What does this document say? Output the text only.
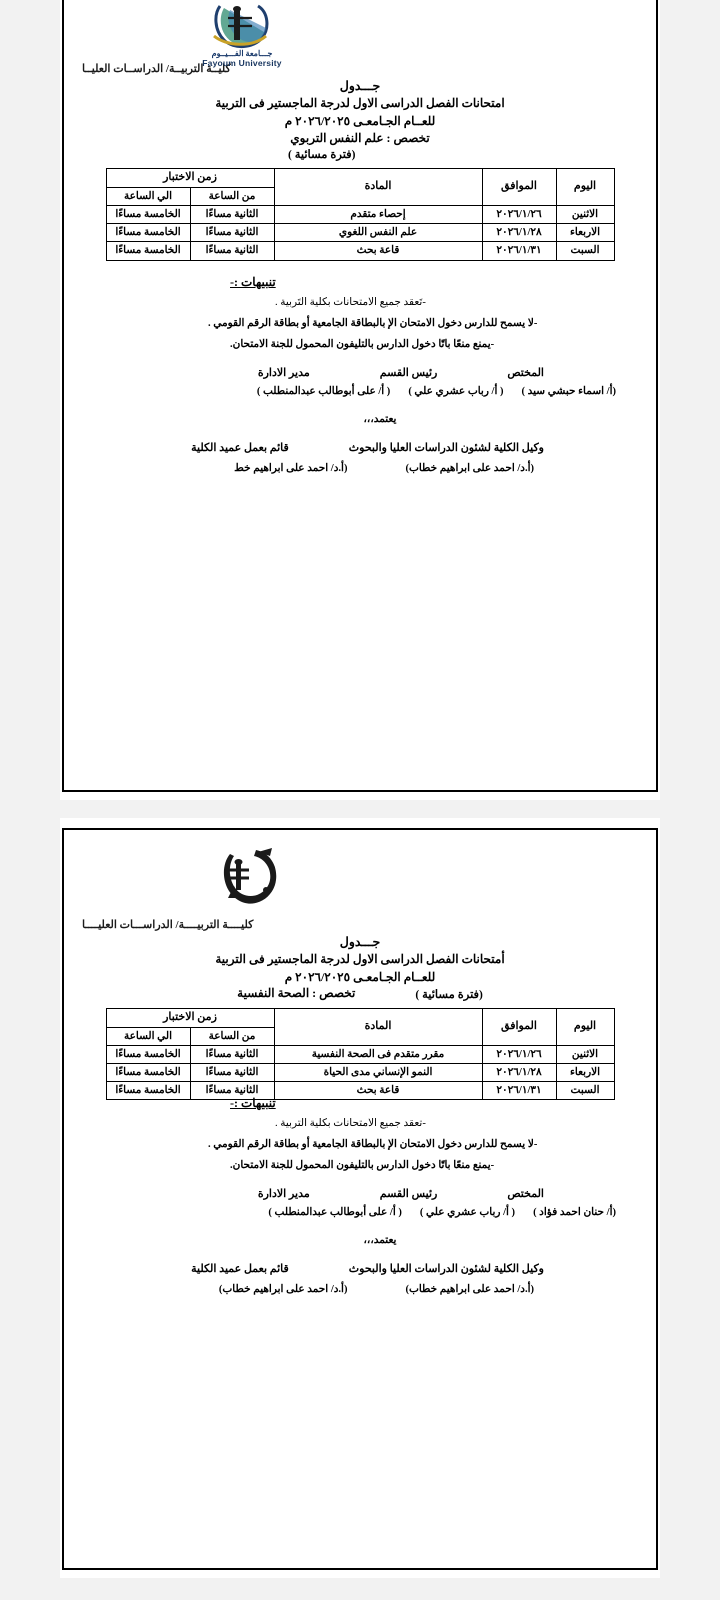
جـــامعة الفـــيــوم
Fayoum University
كليــة التربيــة/ الدراســات العليــا
جـــدول
امتحانات الفصل الدراسى الاول لدرجة الماجستير فى التربية
للعــام الجـامعـى ٢٠٢٦/٢٠٢٥ م
تخصص : علم النفس التربوي
(فترة مسائية )
اليوم	الموافق	المادة	زمن الاختبار	
			من الساعة	الي الساعة
الاثنين	٢٠٢٦/١/٢٦	إحصاء متقدم	الثانية مساءًا	الخامسة مساءًا
الاربعاء	٢٠٢٦/١/٢٨	علم النفس اللغوي	الثانية مساءًا	الخامسة مساءًا
السبت	٢٠٢٦/١/٣١	قاعة بحث	الثانية مساءًا	الخامسة مساءًا
تنبيهات :-
-تَعقد جميع الامتحانات بكلية التَربية .
-لا يسمح للدارس دخول الامتحان الإ بالبطاقة الجامعية أو بطاقة الرقم القومي .
-يمنع منعًا باتًا دخول الدارس بالتليفون المحمول للجنة الامتحان.
المختص
رئيس القسم
مدير الادارة
(أ/ اسماء حبشي سيد )
( أ/ رباب عشري علي )
( أ/ على أبوطالب عبدالمنطلب )
يعتمد،،،
وكيل الكلية لشئون الدراسات العليا والبحوث
قائم بعمل عميد الكلية
(أ.د/ احمد على ابراهيم خطاب)
(أ.د/ احمد على ابراهيم خط
كليــــة التربيــــة/ الدراســـات العليــــا
جـــدول
أمتحانات الفصل الدراسى الاول لدرجة الماجستير فى التربية
للعــام الجـامعـى ٢٠٢٦/٢٠٢٥ م
(فترة مسائية )
تخصص : الصحة النفسية
اليوم	الموافق	المادة	زمن الاختبار	
			من الساعة	الي الساعة
الاثنين	٢٠٢٦/١/٢٦	مقرر متقدم فى الصحة النفسية	الثانية مساءًا	الخامسة مساءًا
الاربعاء	٢٠٢٦/١/٢٨	النمو الإنساني مدى الحياة	الثانية مساءًا	الخامسة مساءًا
السبت	٢٠٢٦/١/٣١	قاعة بحث	الثانية مساءًا	الخامسة مساءًا
تنبيهات :-
-تعقد جميع الامتحانات بكلية التربية .
-لا يسمح للدارس دخول الامتحان الإ بالبطاقة الجامعية أو بطاقة الرقم القومي .
-يمنع منعًا باتًا دخول الدارس بالتليفون المحمول للجنة الامتحان.
المختص
رئيس القسم
مدير الادارة
(أ/ حنان احمد فؤاد )
( أ/ رباب عشري علي )
( أ/ على أبوطالب عبدالمنطلب )
يعتمد،،،
وكيل الكلية لشئون الدراسات العليا والبحوث
قائم بعمل عميد الكلية
(أ.د/ احمد على ابراهيم خطاب)
(أ.د/ احمد على ابراهيم خطاب)
